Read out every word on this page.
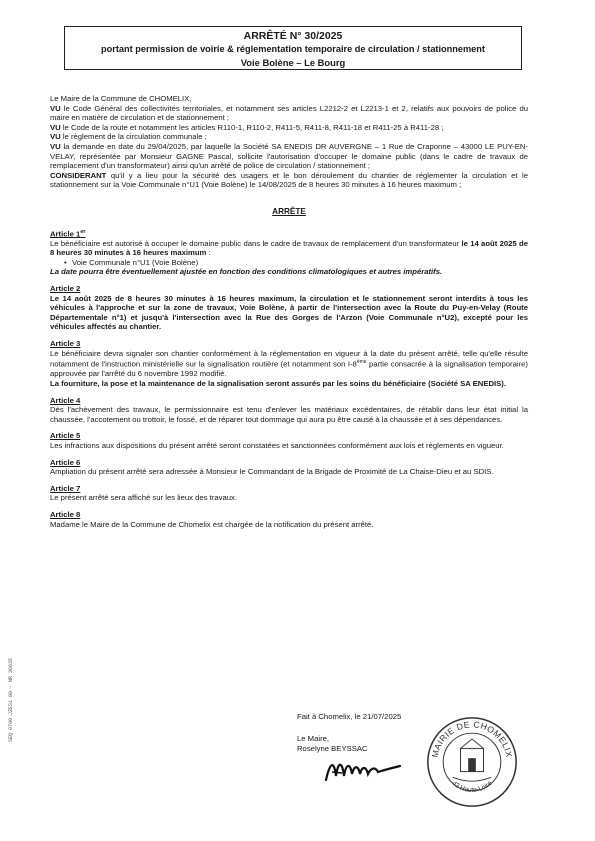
ARRÊTÉ N° 30/2025
portant permission de voirie & réglementation temporaire de circulation / stationnement
Voie Bolène – Le Bourg

Le Maire de la Commune de CHOMELIX,

VU le Code Général des collectivités territoriales, et notamment ses articles L2212-2 et L2213-1 et 2, relatifs aux pouvoirs de police du maire en matière de circulation et de stationnement ;

VU le Code de la route et notamment les articles R110-1, R110-2, R411-5, R411-8, R411-18 et R411-25 à R411-28 ;

VU le règlement de la circulation communale ;

VU la demande en date du 29/04/2025, par laquelle la Société SA ENEDIS DR AUVERGNE – 1 Rue de Craponne – 43000 LE PUY-EN-VELAY, représentée par Monsieur GAGNE Pascal, sollicite l'autorisation d'occuper le domaine public (dans le cadre de travaux de remplacement d'un transformateur) ainsi qu'un arrêté de police de circulation / stationnement ;

CONSIDERANT qu'il y a lieu pour la sécurité des usagers et le bon déroulement du chantier de réglementer la circulation et le stationnement sur la Voie Communale n°U1 (Voie Bolène) le 14/08/2025 de 8 heures 30 minutes à 16 heures maximum ;

ARRÊTE
Article 1er

Le bénéficiaire est autorisé à occuper le domaine public dans le cadre de travaux de remplacement d'un transformateur le 14 août 2025 de 8 heures 30 minutes à 16 heures maximum :

• Voie Communale n°U1 (Voie Bolène)

La date pourra être éventuellement ajustée en fonction des conditions climatologiques et autres impératifs.

Article 2

Le 14 août 2025 de 8 heures 30 minutes à 16 heures maximum, la circulation et le stationnement seront interdits à tous les véhicules à l'approche et sur la zone de travaux, Voie Bolène, à partir de l'intersection avec la Route du Puy-en-Velay (Route Départementale n°1) et jusqu'à l'intersection avec la Rue des Gorges de l'Arzon (Voie Communale n°U2), excepté pour les véhicules affectés au chantier.

Article 3

Le bénéficiaire devra signaler son chantier conformément à la réglementation en vigueur à la date du présent arrêté, telle qu'elle résulte notamment de l'instruction ministérielle sur la signalisation routière (et notamment son I-8ème partie consacrée à la signalisation temporaire) approuvée par l'arrêté du 6 novembre 1992 modifié.

La fourniture, la pose et la maintenance de la signalisation seront assurés par les soins du bénéficiaire (Société SA ENEDIS).

Article 4

Dès l'achèvement des travaux, le permissionnaire est tenu d'enlever les matériaux excédentaires, de rétablir dans leur état initial la chaussée, l'accotement ou trottoir, le fossé, et de réparer tout dommage qui aura pu être causé à la chaussée et à ses dépendances.

Article 5

Les infractions aux dispositions du présent arrêté seront constatées et sanctionnées conformément aux lois et règlements en vigueur.

Article 6

Ampliation du présent arrêté sera adressée à Monsieur le Commandant de la Brigade de Proximité de La Chaise-Dieu et au SDIS.

Article 7

Le présent arrêté sera affiché sur les lieux des travaux.

Article 8

Madame le Maire de la Commune de Chomelix est chargée de la notification du présent arrêté.

Fait à Chomelix, le 21/07/2025
Le Maire,
Roselyne BEYSSAC
MAIRIE DE CHOMELIX
43 Haute-Loire
SEQ 0700 JZES1 00 - NR 36635
